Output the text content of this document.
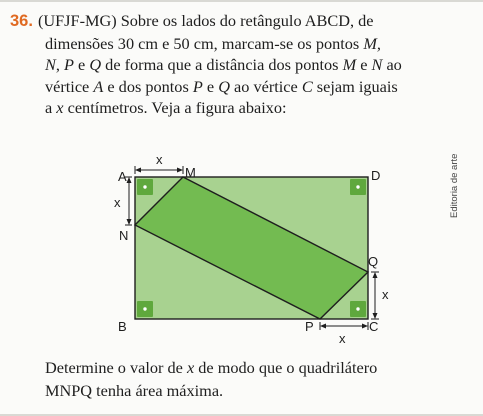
36. (UFJF-MG) Sobre os lados do retângulo ABCD, de
dimensões 30 cm e 50 cm, marcam-se os pontos M,
N, P e Q de forma que a distância dos pontos M e N ao
vértice A e dos pontos P e Q ao vértice C sejam iguais
a x centímetros. Veja a figura abaixo:
A	M	D
N
Q
B	P	C
x
x
x
x
Editoria de arte
Determine o valor de x de modo que o quadrilátero
MNPQ tenha área máxima.
